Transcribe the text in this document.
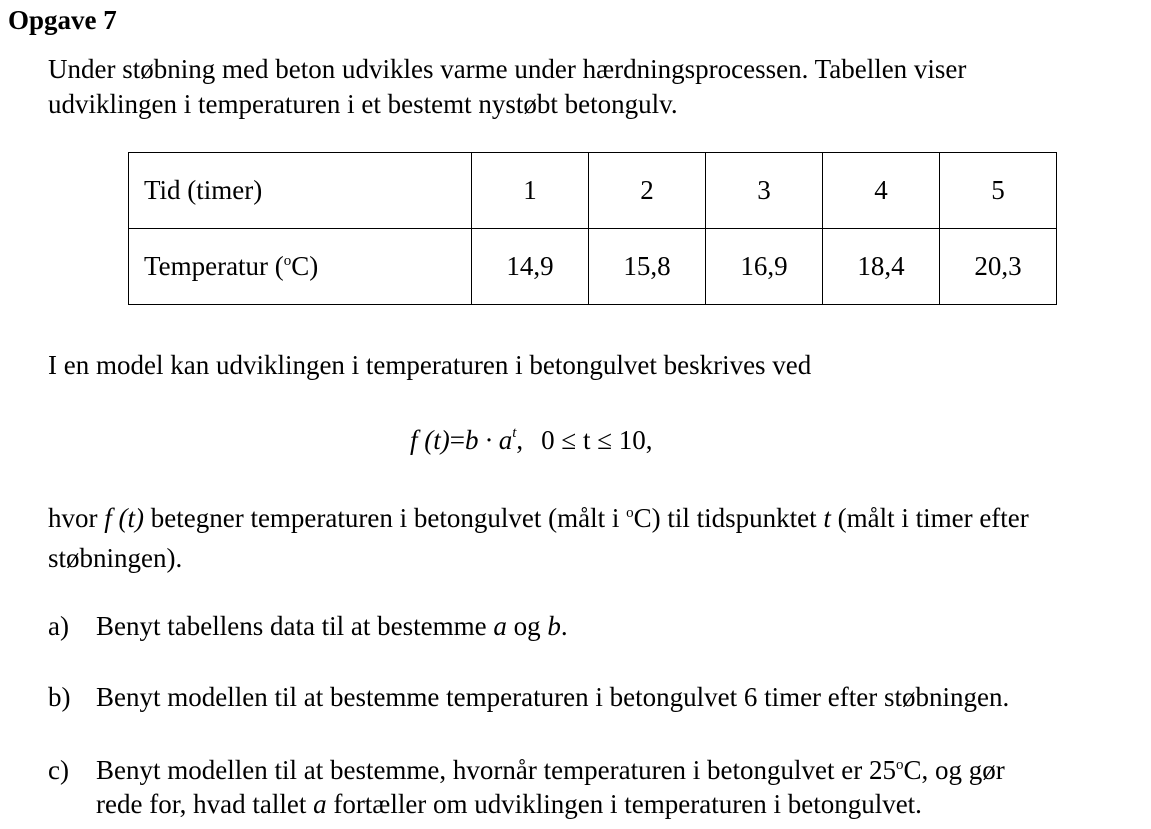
Opgave 7
Under støbning med beton udvikles varme under hærdningsprocessen. Tabellen viser
udviklingen i temperaturen i et bestemt nystøbt betongulv.
Tid (timer)	1	2	3	4	5
Temperatur ($^o$C)	14,9	15,8	16,9	18,4	20,3
I en model kan udviklingen i temperaturen i betongulvet beskrives ved
f $(t)=b \cdot a^t$, 0 ≤ t ≤ 10,
hvor f (t) betegner temperaturen i betongulvet (målt i $^o$C) til tidspunktet t (målt i timer efter
støbningen).
a) Benyt tabellens data til at bestemme a og b.
b) Benyt modellen til at bestemme temperaturen i betongulvet 6 timer efter støbningen.
c) Benyt modellen til at bestemme, hvornår temperaturen i betongulvet er 25$^o$C, og gør
rede for, hvad tallet a fortæller om udviklingen i temperaturen i betongulvet.
